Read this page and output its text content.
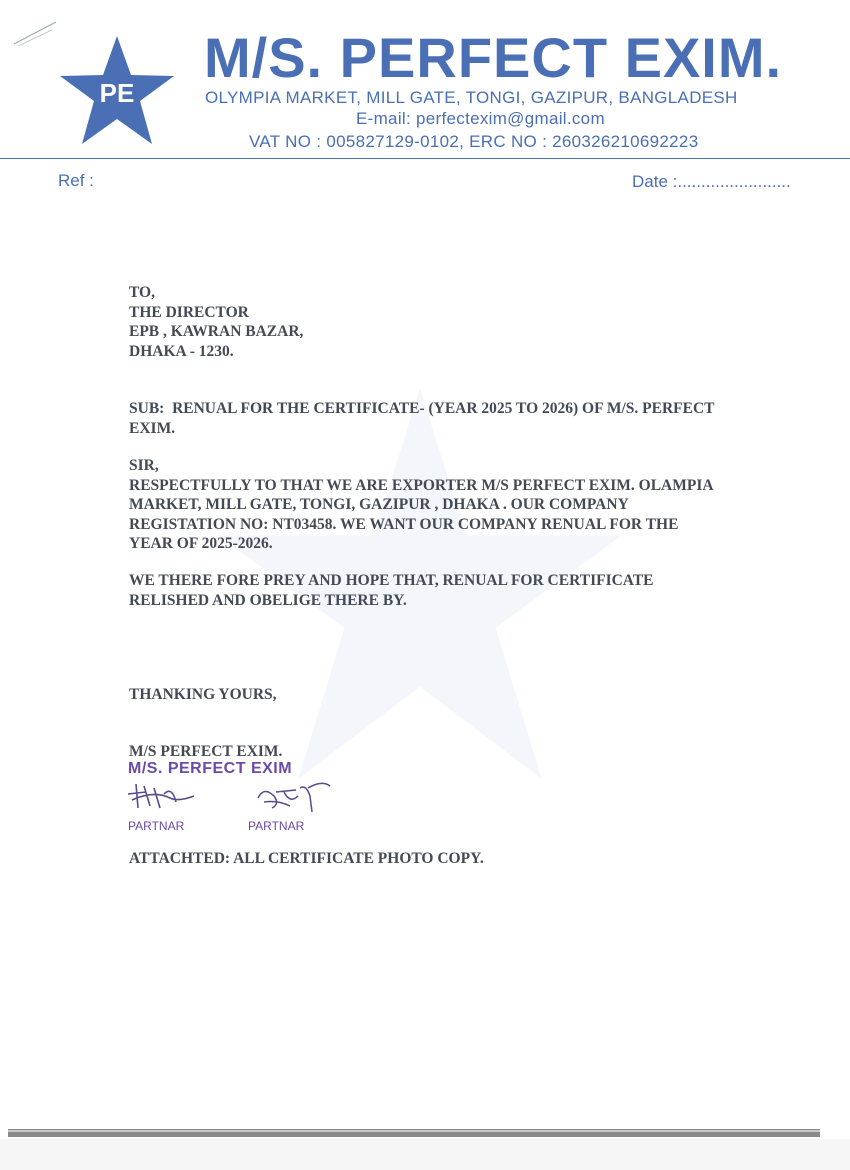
PE
M/S. PERFECT EXIM.
OLYMPIA MARKET, MILL GATE, TONGI, GAZIPUR, BANGLADESH
E-mail: perfectexim@gmail.com
VAT NO : 005827129-0102, ERC NO : 260326210692223
Ref :	Date :........................
TO,
THE DIRECTOR
EPB , KAWRAN BAZAR,
DHAKA - 1230.
SUB:  RENUAL FOR THE CERTIFICATE- (YEAR 2025 TO 2026) OF M/S. PERFECT
EXIM.
SIR,
RESPECTFULLY TO THAT WE ARE EXPORTER M/S PERFECT EXIM. OLAMPIA
MARKET, MILL GATE, TONGI, GAZIPUR , DHAKA . OUR COMPANY
REGISTATION NO: NT03458. WE WANT OUR COMPANY RENUAL FOR THE
YEAR OF 2025-2026.
WE THERE FORE PREY AND HOPE THAT, RENUAL FOR CERTIFICATE
RELISHED AND OBELIGE THERE BY.
THANKING YOURS,
M/S PERFECT EXIM.
M/S. PERFECT EXIM
PARTNAR	PARTNAR
ATTACHTED: ALL CERTIFICATE PHOTO COPY.
